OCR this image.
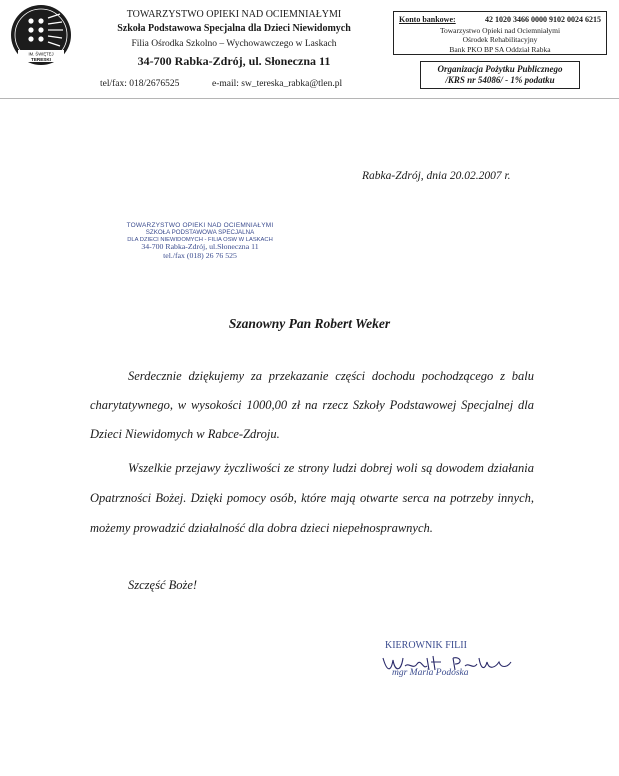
IM. ŚWIĘTEJ
TERESKI
TOWARZYSTWO OPIEKI NAD OCIEMNIAŁYMI
Szkoła Podstawowa Specjalna dla Dzieci Niewidomych
Filia Ośrodka Szkolno – Wychowawczego w Laskach
34-700 Rabka-Zdrój, ul. Słoneczna 11
tel/fax: 018/2676525	e-mail: sw_tereska_rabka@tlen.pl
Konto bankowe:	42 1020 3466 0000 9102 0024 6215
Towarzystwo Opieki nad Ociemniałymi
Ośrodek Rehabilitacyjny
Bank PKO BP SA Oddział Rabka
Organizacja Pożytku Publicznego
/KRS nr 54086/ - 1% podatku
Rabka-Zdrój, dnia 20.02.2007 r.
TOWARZYSTWO OPIEKI NAD OCIEMNIAŁYMI
SZKOŁA PODSTAWOWA SPECJALNA
DLA DZIECI NIEWIDOMYCH - FILIA OSW W LASKACH
34-700 Rabka-Zdrój, ul.Słoneczna 11
tel./fax (018) 26 76 525
Szanowny Pan Robert Weker
Serdecznie dziękujemy za przekazanie części dochodu pochodzącego z balu charytatywnego, w wysokości 1000,00 zł na rzecz Szkoły Podstawowej Specjalnej dla Dzieci Niewidomych w Rabce-Zdroju.
Wszelkie przejawy życzliwości ze strony ludzi dobrej woli są dowodem działania Opatrzności Bożej. Dzięki pomocy osób, które mają otwarte serca na potrzeby innych, możemy prowadzić działalność dla dobra dzieci niepełnosprawnych.
Szczęść Boże!
KIEROWNIK FILII
mgr Maria Podoska
